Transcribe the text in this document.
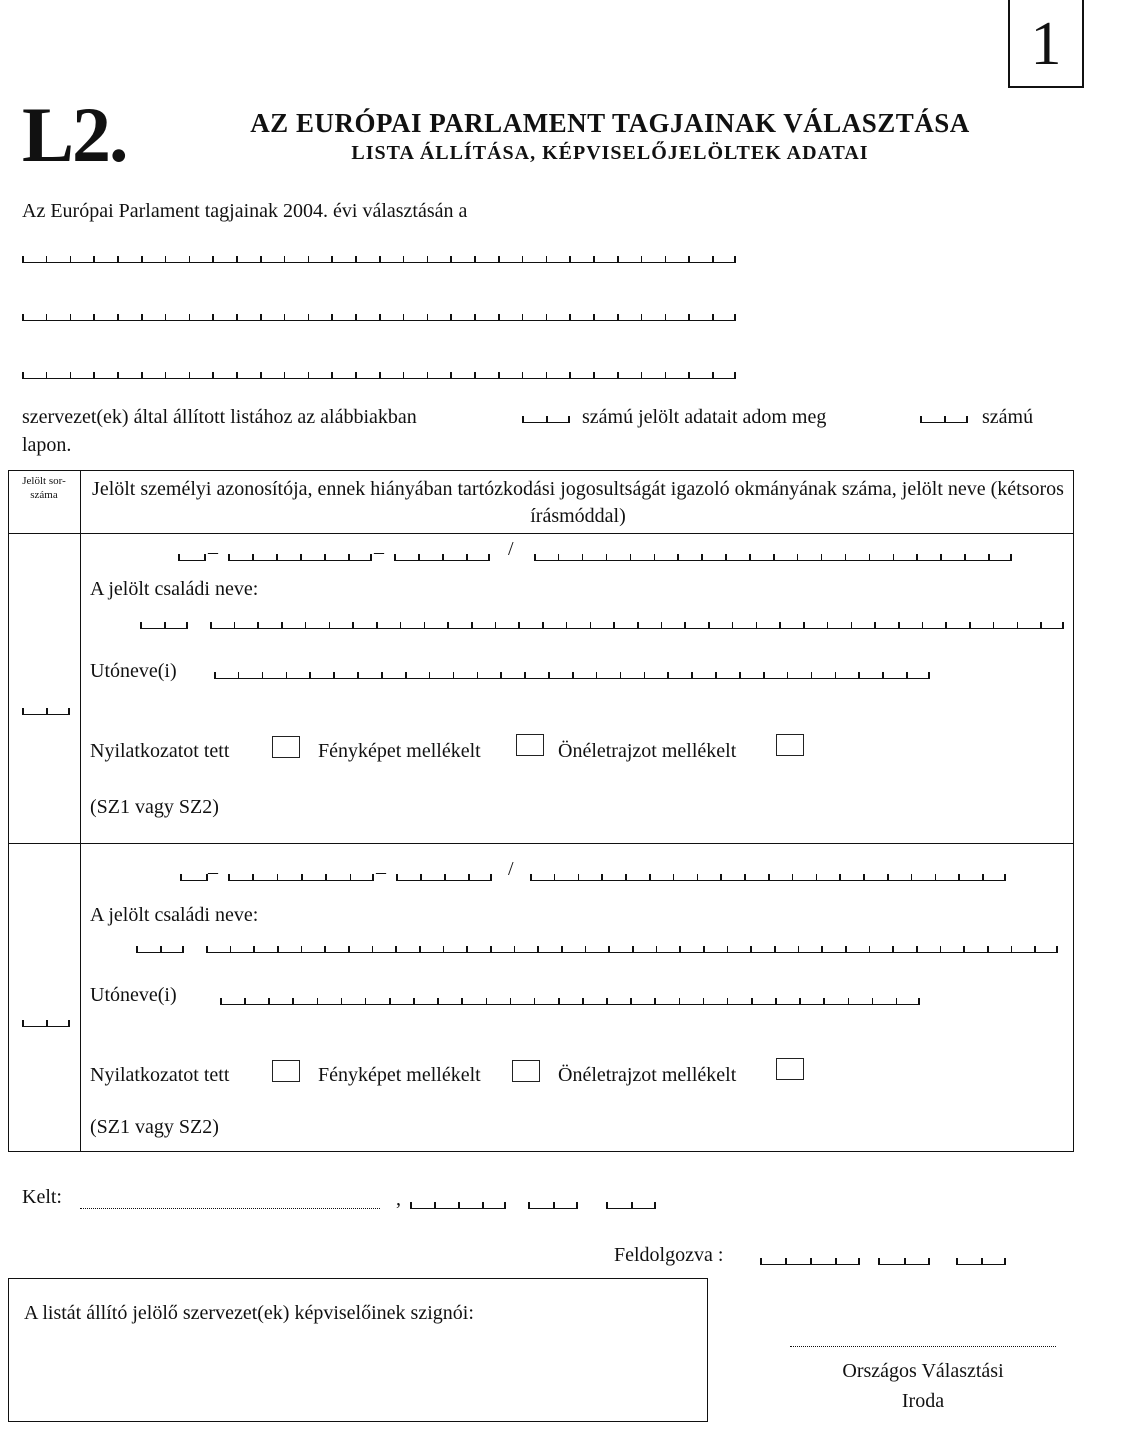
1
L2.	AZ EURÓPAI PARLAMENT TAGJAINAK VÁLASZTÁSA
LISTA ÁLLÍTÁSA, KÉPVISELŐJELÖLTEK ADATAI
Az Európai Parlament tagjainak 2004. évi választásán a
szervezet(ek) által állított listához az alábbiakban	számú jelölt adatait adom meg	számú
lapon.
Jelölt sor- száma	Jelölt személyi azonosítója, ennek hiányában tartózkodási jogosultságát igazoló okmányának száma, jelölt neve (kétsoros írásmóddal)
–	–	/
A jelölt családi neve:
Utóneve(i)
Nyilatkozatot tett	Fényképet mellékelt	Önéletrajzot mellékelt
(SZ1 vagy SZ2)
–	–	/
A jelölt családi neve:
Utóneve(i)
Nyilatkozatot tett	Fényképet mellékelt	Önéletrajzot mellékelt
(SZ1 vagy SZ2)
Kelt:	,
Feldolgozva :
A listát állító jelölő szervezet(ek) képviselőinek szignói:
Országos Választási
Iroda
